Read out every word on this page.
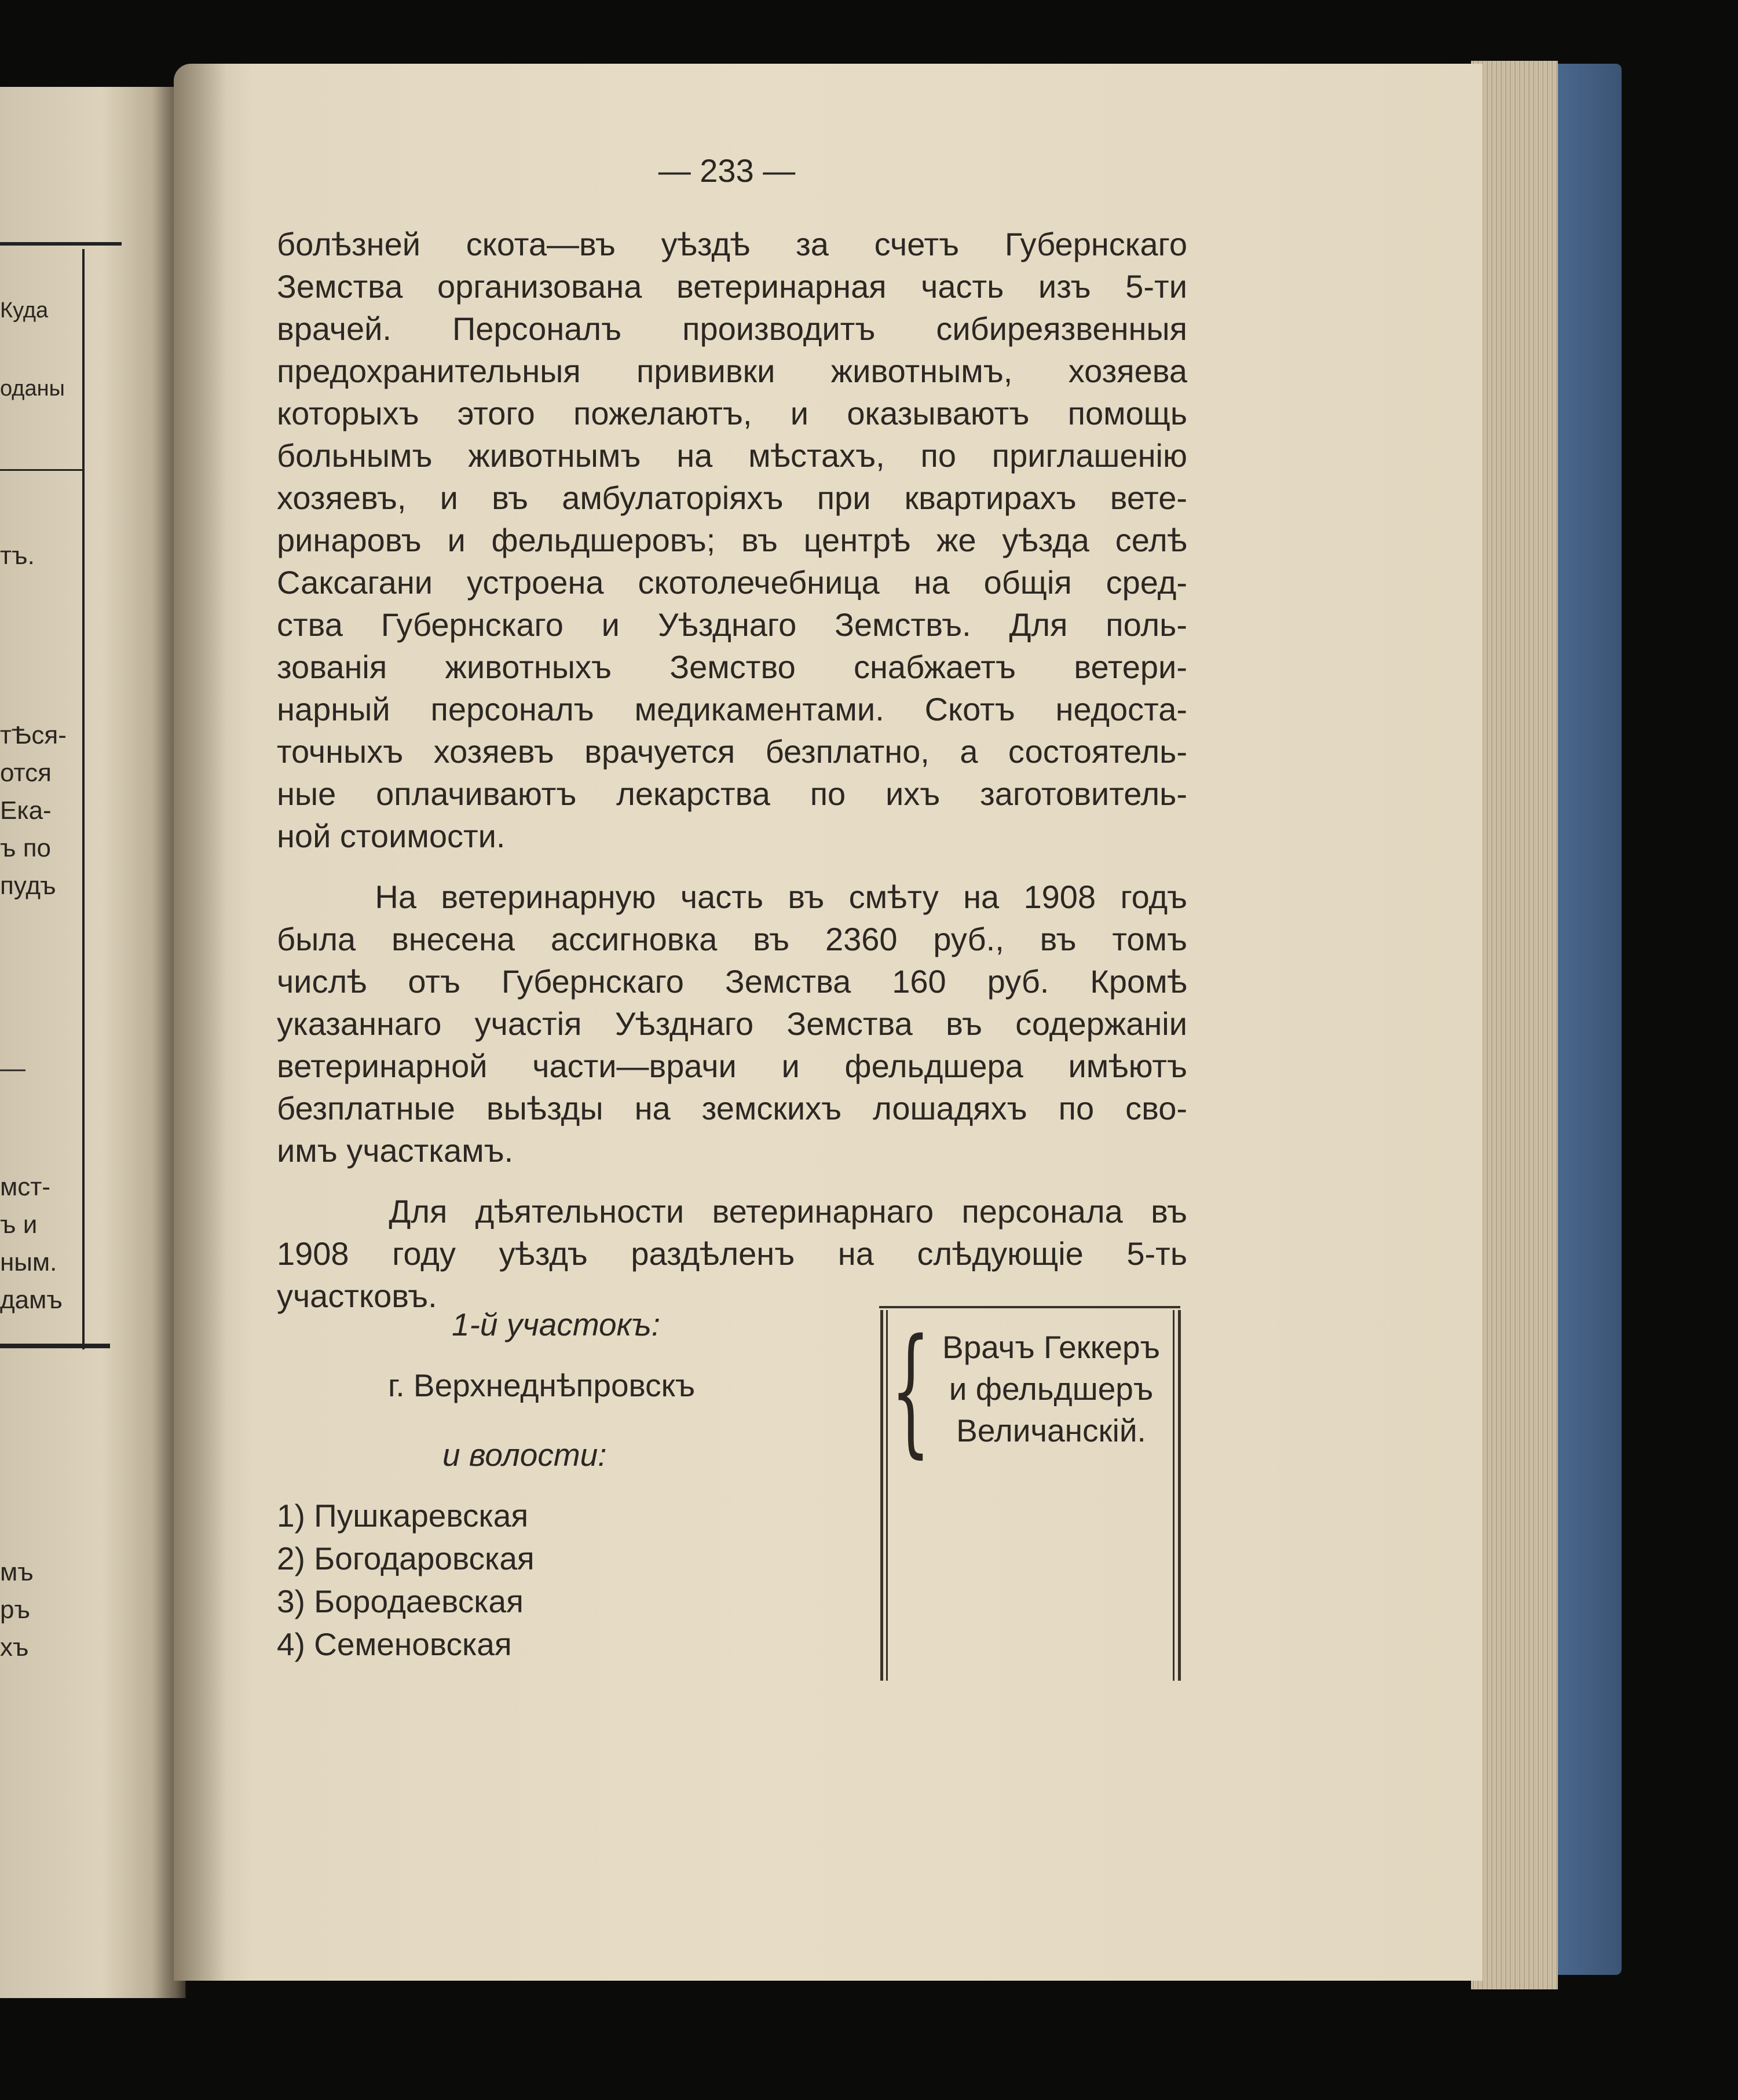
Куда
оданы
тъ.
тѢся-
отся
Ека-
ъ по
пудъ
—
мст-
ъ и
ным.
дамъ
мъ
ръ
хъ
— 233 —
болѣзней скота—въ уѣздѣ за счетъ Губернскаго
Земства организована ветеринарная часть изъ 5-ти
врачей. Персоналъ производитъ сибиреязвенныя
предохранительныя прививки животнымъ, хозяева
которыхъ этого пожелаютъ, и оказываютъ помощь
больнымъ животнымъ на мѣстахъ, по приглашенію
хозяевъ, и въ амбулаторіяхъ при квартирахъ вете-
ринаровъ и фельдшеровъ; въ центрѣ же уѣзда селѣ
Саксагани устроена скотолечебница на общія сред-
ства Губернскаго и Уѣзднаго Земствъ. Для поль-
зованія животныхъ Земство снабжаетъ ветери-
нарный персоналъ медикаментами. Скотъ недоста-
точныхъ хозяевъ врачуется безплатно, а состоятель-
ные оплачиваютъ лекарства по ихъ заготовитель-
ной стоимости.
На ветеринарную часть въ смѣту на 1908 годъ
была внесена ассигновка въ 2360 руб., въ томъ
числѣ отъ Губернскаго Земства 160 руб. Кромѣ
указаннаго участія Уѣзднаго Земства въ содержаніи
ветеринарной части—врачи и фельдшера имѣютъ
безплатные выѣзды на земскихъ лошадяхъ по сво-
имъ участкамъ.
Для дѣятельности ветеринарнаго персонала въ
1908 году уѣздъ раздѣленъ на слѣдующіе 5-ть
участковъ.
1-й участокъ:
г. Верхнеднѣпровскъ
и волости:
1) Пушкаревская
2) Богодаровская
3) Бородаевская
4) Семеновская
{ Врачъ Геккеръ
и фельдшеръ
Величанскій.
